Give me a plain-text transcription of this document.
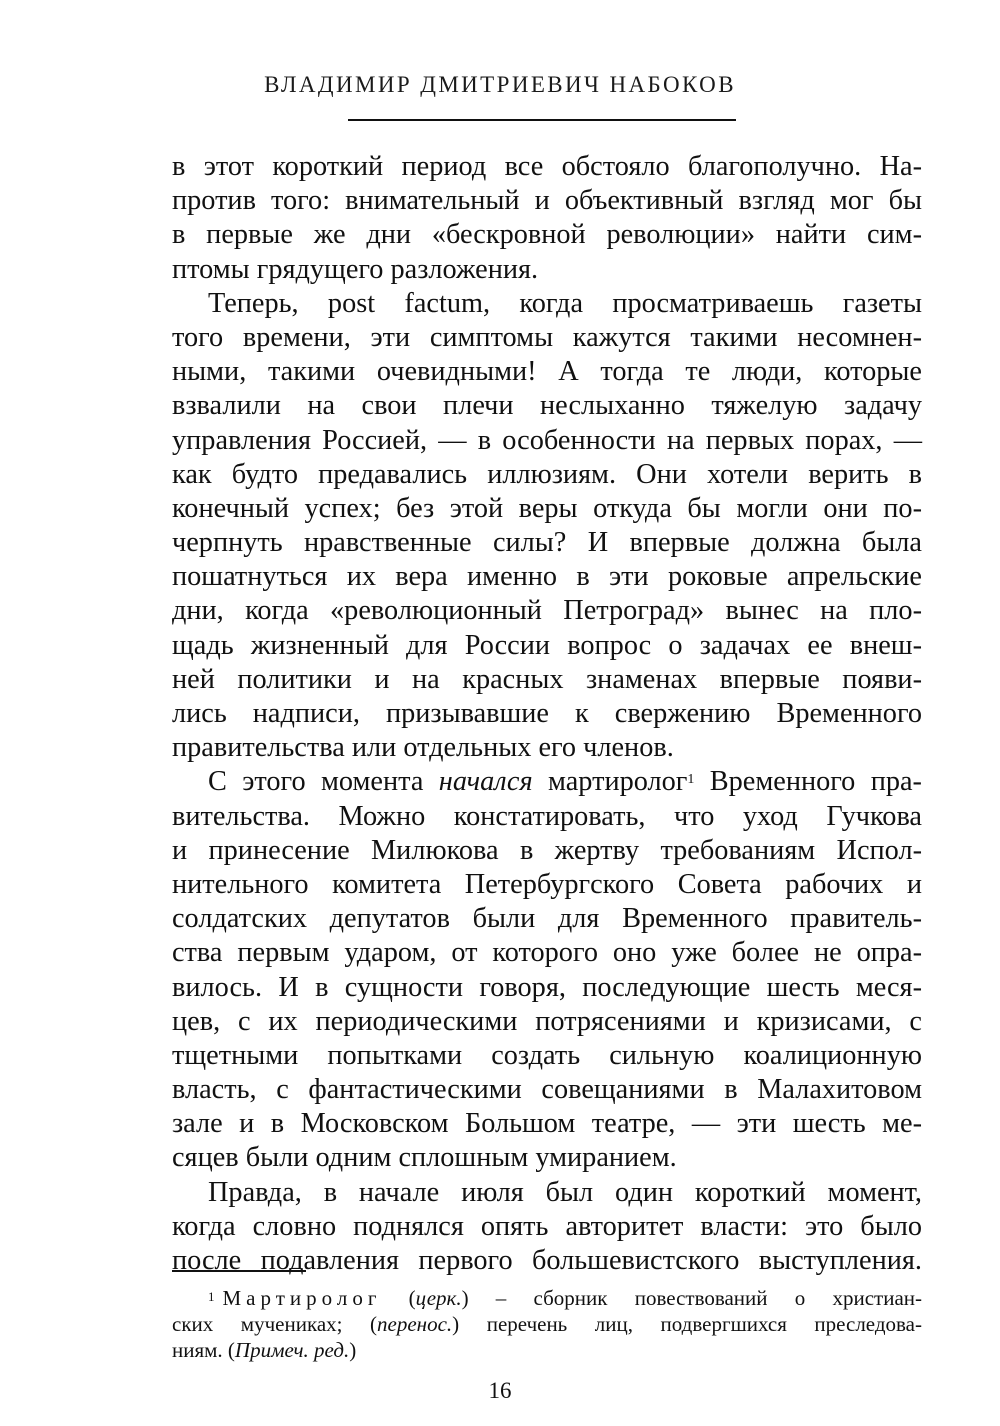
ВЛАДИМИР ДМИТРИЕВИЧ НАБОКОВ
в этот короткий период все обстояло благополучно. На-
против того: внимательный и объективный взгляд мог бы
в первые же дни «бескровной революции» найти сим-
птомы грядущего разложения.
Теперь, post factum, когда просматриваешь газеты
того времени, эти симптомы кажутся такими несомнен-
ными, такими очевидными! А тогда те люди, которые
взвалили на свои плечи неслыханно тяжелую задачу
управления Россией, — в особенности на первых порах, —
как будто предавались иллюзиям. Они хотели верить в
конечный успех; без этой веры откуда бы могли они по-
черпнуть нравственные силы? И впервые должна была
пошатнуться их вера именно в эти роковые апрельские
дни, когда «революционный Петроград» вынес на пло-
щадь жизненный для России вопрос о задачах ее внеш-
ней политики и на красных знаменах впервые появи-
лись надписи, призывавшие к свержению Временного
правительства или отдельных его членов.
С этого момента начался мартиролог$^1$ Временного пра-
вительства. Можно констатировать, что уход Гучкова
и принесение Милюкова в жертву требованиям Испол-
нительного комитета Петербургского Совета рабочих и
солдатских депутатов были для Временного правитель-
ства первым ударом, от которого оно уже более не опра-
вилось. И в сущности говоря, последующие шесть меся-
цев, с их периодическими потрясениями и кризисами, с
тщетными попытками создать сильную коалиционную
власть, с фантастическими совещаниями в Малахитовом
зале и в Московском Большом театре, — эти шесть ме-
сяцев были одним сплошным умиранием.
Правда, в начале июля был один короткий момент,
когда словно поднялся опять авторитет власти: это было
после подавления первого большевистского выступления.
$^1$ Мартиролог (церк.) – сборник повествований о христиан-
ских мучениках; (перенос.) перечень лиц, подвергшихся преследова-
ниям. (Примеч. ред.)
16
